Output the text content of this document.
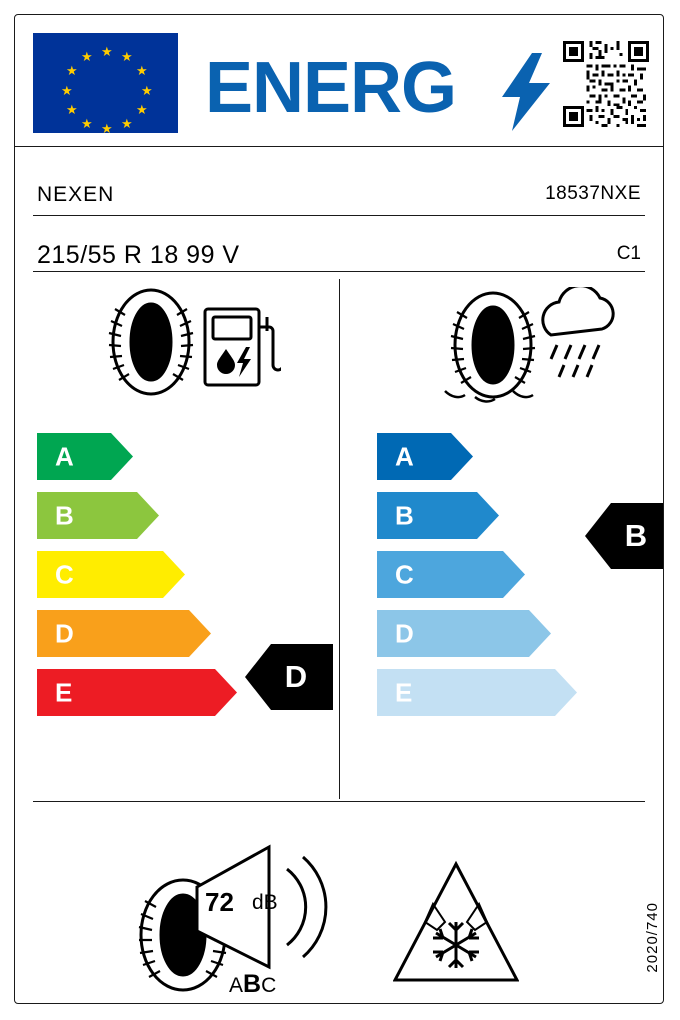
★ ★
★
★
★
★
★
★
★
★
★
★ ENERG
NEXEN	18537NXE
215/55 R 18 99 V	C1
A
B
C
D
E	D
A
B
C
D
E
B
72 dB
ABC
2020/740
